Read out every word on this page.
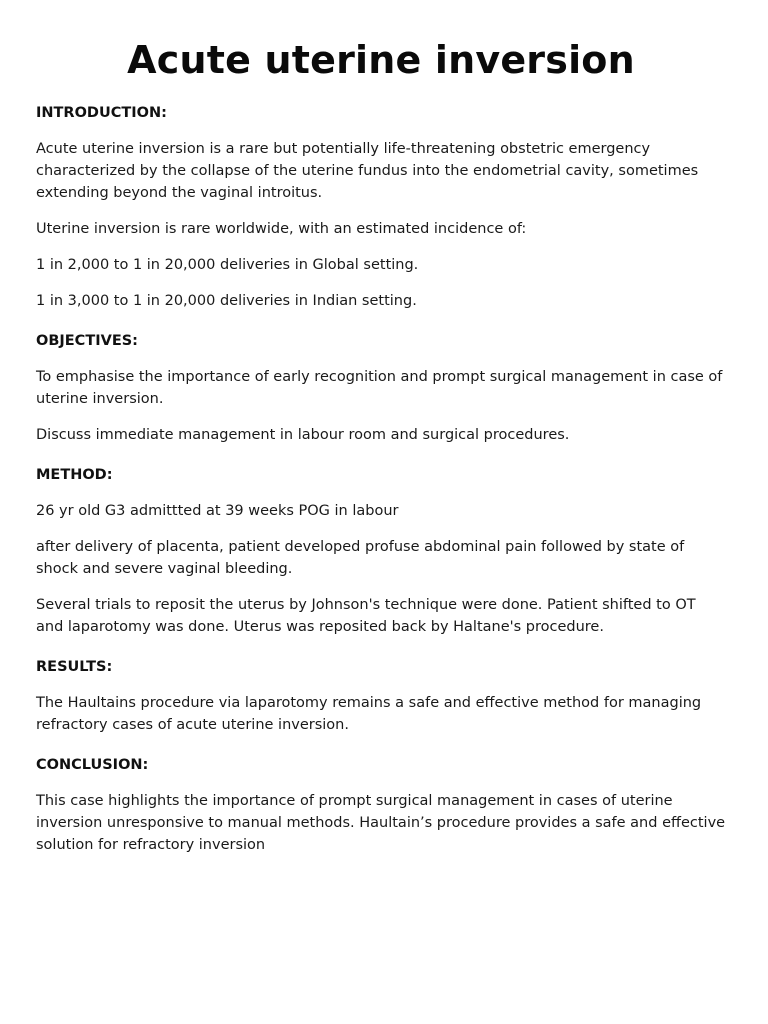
Acute uterine inversion

INTRODUCTION:

Acute uterine inversion is a rare but potentially life-threatening obstetric emergency characterized by the collapse of the uterine fundus into the endometrial cavity, sometimes extending beyond the vaginal introitus.

Uterine inversion is rare worldwide, with an estimated incidence of:

1 in 2,000 to 1 in 20,000 deliveries in Global setting.

1 in 3,000 to 1 in 20,000 deliveries in Indian setting.

OBJECTIVES:

To emphasise the importance of early recognition and prompt surgical management in case of uterine inversion.

Discuss immediate management in labour room and surgical procedures.

METHOD:

26 yr old G3 admittted at 39 weeks POG in labour

after delivery of placenta, patient developed profuse abdominal pain followed by state of shock and severe vaginal bleeding.

Several trials to reposit the uterus by Johnson's technique were done. Patient shifted to OT and laparotomy was done. Uterus was reposited back by Haltane's procedure.

RESULTS:

The Haultains procedure via laparotomy remains a safe and effective method for managing refractory cases of acute uterine inversion.

CONCLUSION:

This case highlights the importance of prompt surgical management in cases of uterine inversion unresponsive to manual methods. Haultain’s procedure provides a safe and effective solution for refractory inversion
